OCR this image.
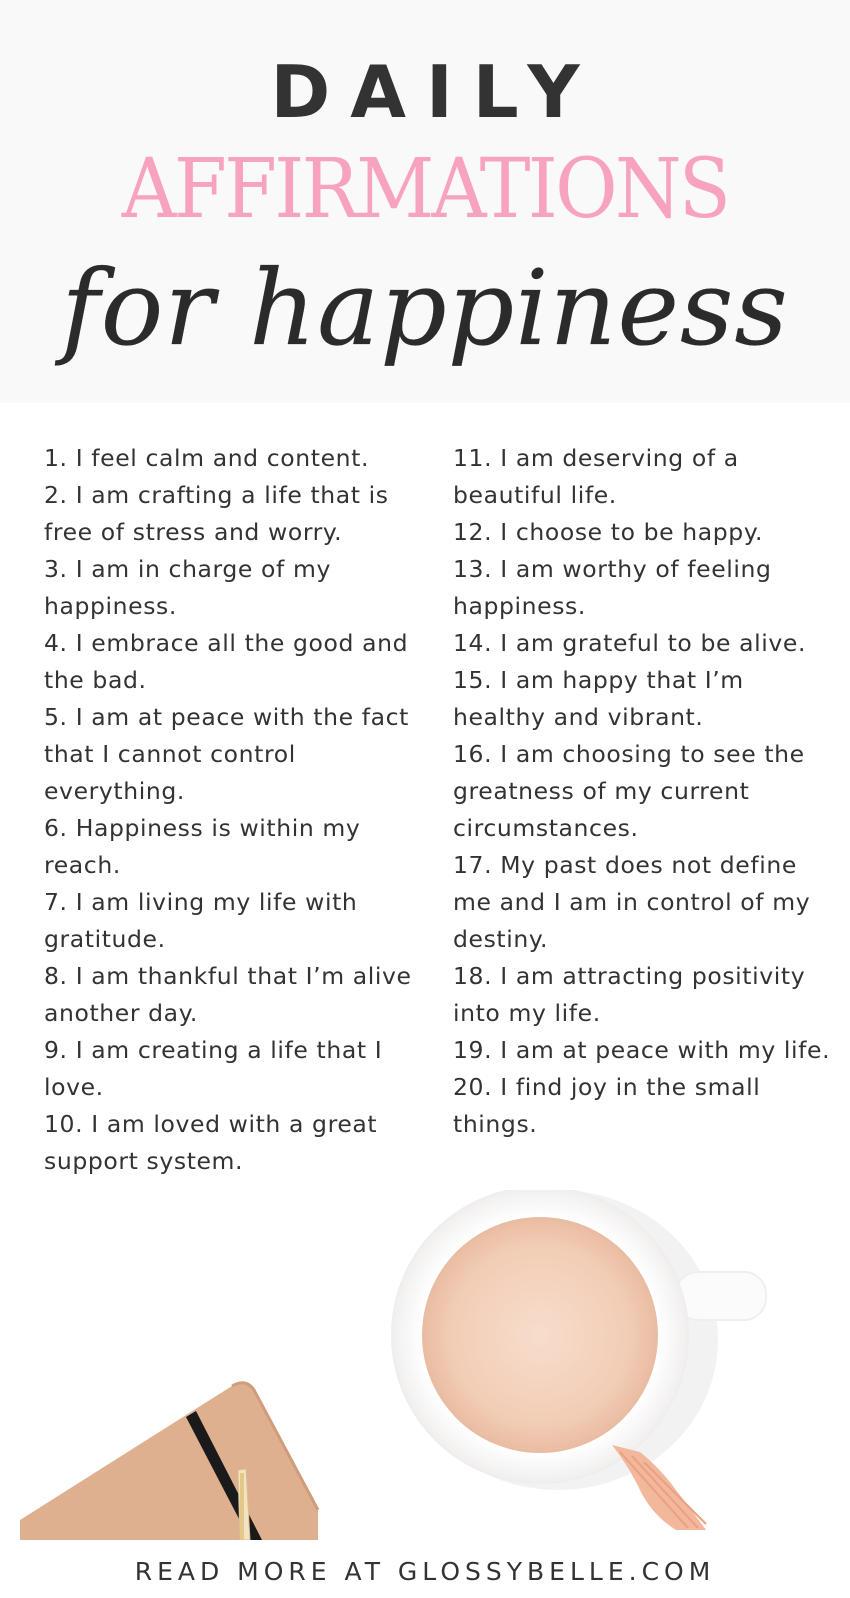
DAILY
AFFIRMATIONS
for happiness

1. I feel calm and content.

2. I am crafting a life that is free of stress and worry.

3. I am in charge of my happiness.

4. I embrace all the good and the bad.

5. I am at peace with the fact that I cannot control everything.

6. Happiness is within my reach.

7. I am living my life with gratitude.

8. I am thankful that I’m alive another day.

9. I am creating a life that I love.

10. I am loved with a great support system.

11. I am deserving of a beautiful life.

12. I choose to be happy.

13. I am worthy of feeling happiness.

14. I am grateful to be alive.

15. I am happy that I’m healthy and vibrant.

16. I am choosing to see the greatness of my current circumstances.

17. My past does not define me and I am in control of my destiny.

18. I am attracting positivity into my life.

19. I am at peace with my life.

20. I find joy in the small things.

READ MORE AT GLOSSYBELLE.COM
